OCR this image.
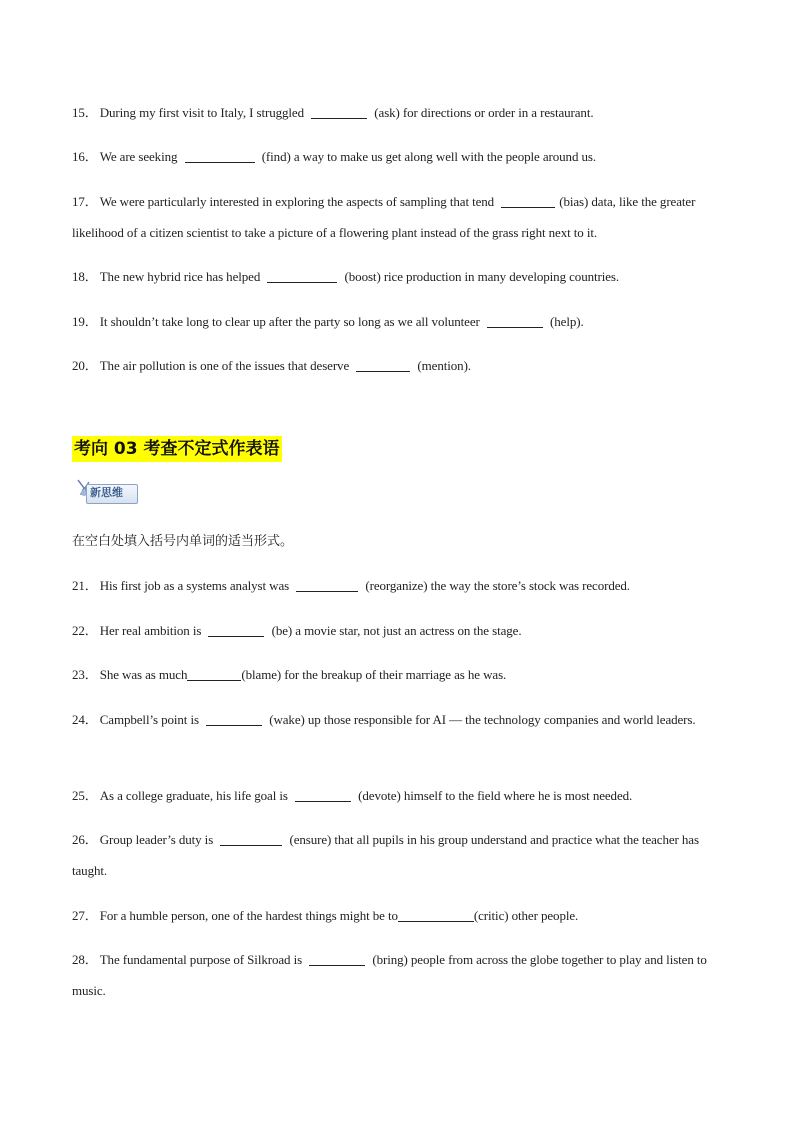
15． During my first visit to Italy, I struggled	(ask) for directions or order in a restaurant.
16． We are seeking	(find) a way to make us get along well with the people around us.
17． We were particularly interested in exploring the aspects of sampling that tend	(bias) data, like the greater likelihood of a citizen scientist to take a picture of a flowering plant instead of the grass right next to it.
18． The new hybrid rice has helped	(boost) rice production in many developing countries.
19． It shouldn’t take long to clear up after the party so long as we all volunteer	(help).
20． The air pollution is one of the issues that deserve	(mention).
考向 03 考查不定式作表语
新思维
在空白处填入括号内单词的适当形式。
21． His first job as a systems analyst was	(reorganize) the way the store’s stock was recorded.
22． Her real ambition is	(be) a movie star, not just an actress on the stage.
23． She was as much	(blame) for the breakup of their marriage as he was.
24． Campbell’s point is	(wake) up those responsible for AI — the technology companies and world leaders.
25． As a college graduate, his life goal is	(devote) himself to the field where he is most needed.
26． Group leader’s duty is	(ensure) that all pupils in his group understand and practice what the teacher has taught.
27． For a humble person, one of the hardest things might be to	(critic) other people.
28． The fundamental purpose of Silkroad is	(bring) people from across the globe together to play and listen to music.
